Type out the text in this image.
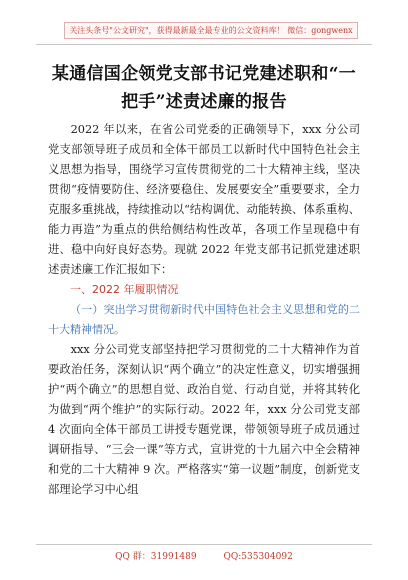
关注头条号"公文研究"，获得最新最全最专业的公文资料库！ 微信：gongwenx
某通信国企领党支部书记党建述职和“一把手”述责述廉的报告

2022 年以来，在省公司党委的正确领导下，xxx 分公司党支部领导班子成员和全体干部员工以新时代中国特色社会主义思想为指导，围绕学习宣传贯彻党的二十大精神主线，坚决贯彻“疫情要防住、经济要稳住、发展要安全”重要要求，全力克服多重挑战，持续推动以“结构调优、动能转换、体系重构、能力再造”为重点的供给侧结构性改革，各项工作呈现稳中有进、稳中向好良好态势。现就 2022 年党支部书记抓党建述职述责述廉工作汇报如下：

一、2022 年履职情况

（一）突出学习贯彻新时代中国特色社会主义思想和党的二十大精神情况。

xxx 分公司党支部坚持把学习贯彻党的二十大精神作为首要政治任务，深刻认识“两个确立”的决定性意义，切实增强拥护“两个确立”的思想自觉、政治自觉、行动自觉，并将其转化为做到“两个维护”的实际行动。2022 年，xxx 分公司党支部 4 次面向全体干部员工讲授专题党课，带领领导班子成员通过调研指导、“三会一课”等方式，宣讲党的十九届六中全会精神和党的二十大精神 9 次。严格落实“第一议题”制度，创新党支部理论学习中心组

QQ 群：31991489	QQ:535304092
